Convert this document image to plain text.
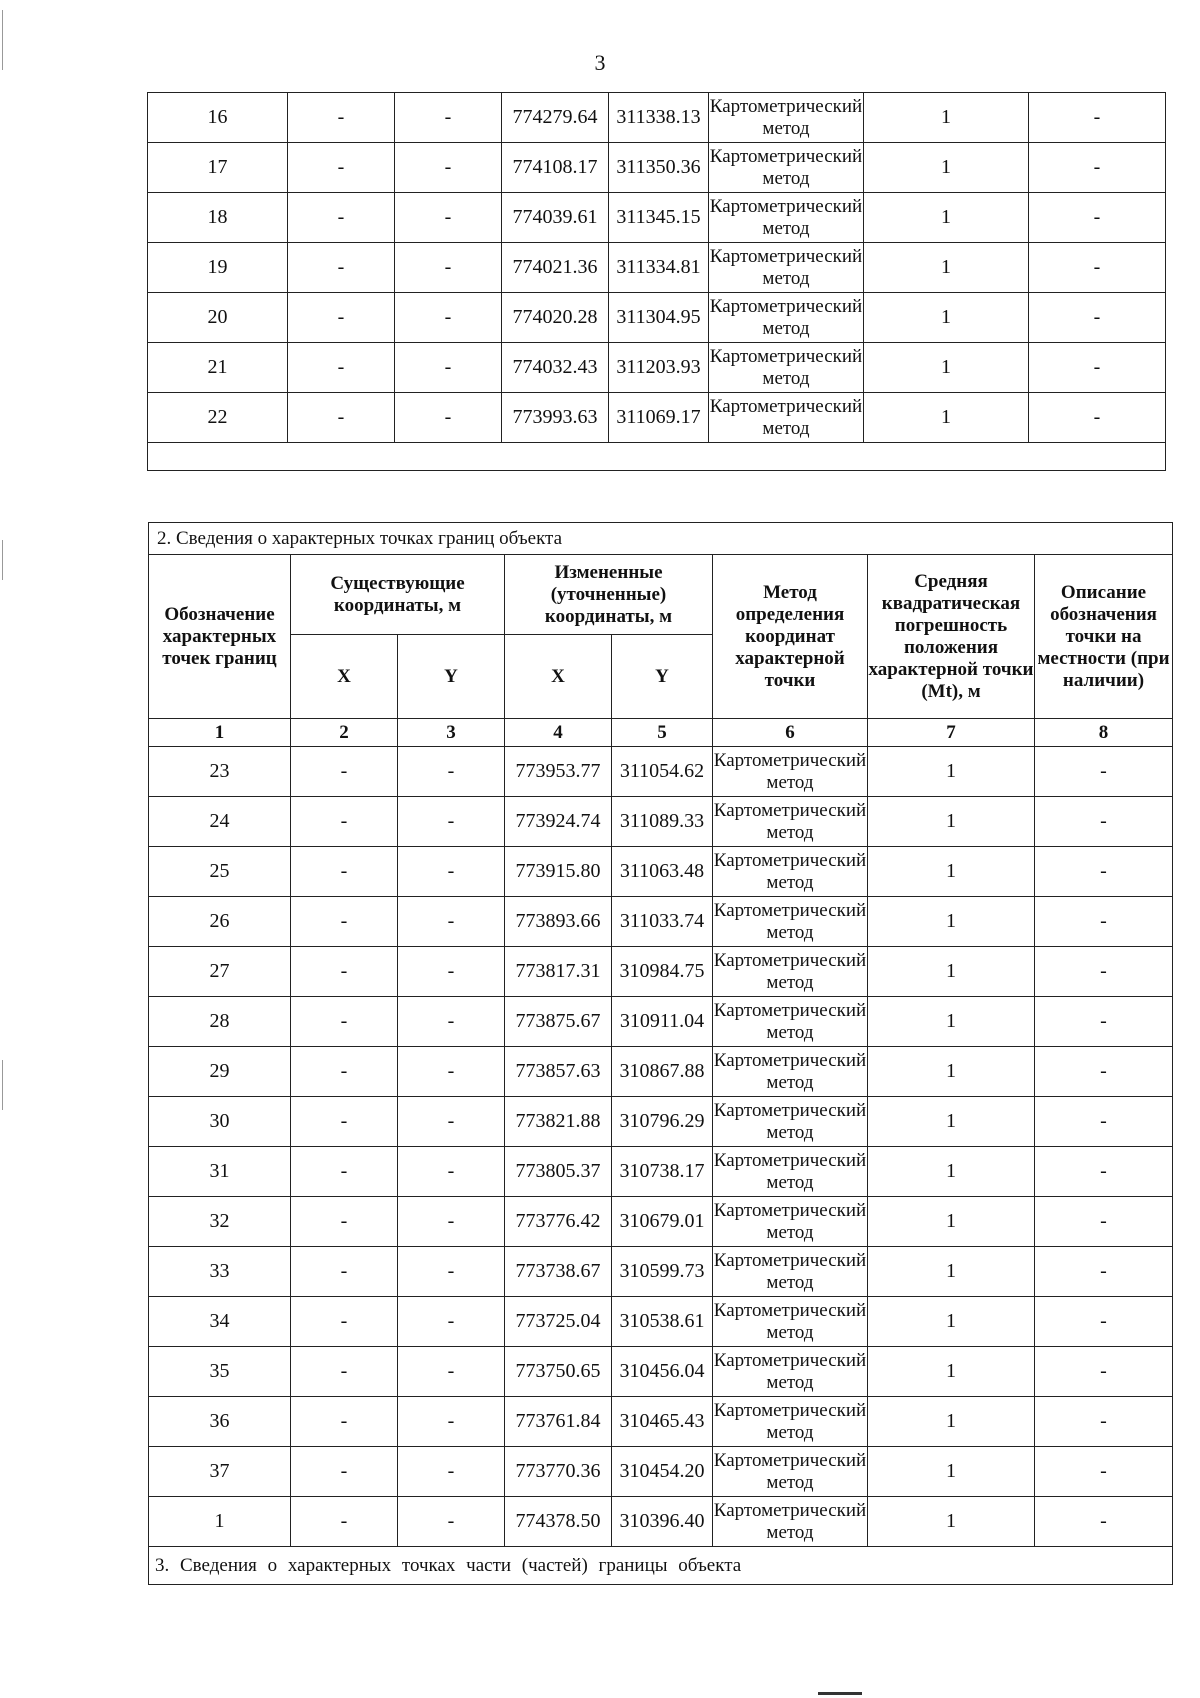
3
16	-	-	774279.64	311338.13	Картометрический метод	1	-
17	-	-	774108.17	311350.36	Картометрический метод	1	-
18	-	-	774039.61	311345.15	Картометрический метод	1	-
19	-	-	774021.36	311334.81	Картометрический метод	1	-
20	-	-	774020.28	311304.95	Картометрический метод	1	-
21	-	-	774032.43	311203.93	Картометрический метод	1	-
22	-	-	773993.63	311069.17	Картометрический метод	1	-

2. Сведения о характерных точках границ объекта							
Обозначение характерных точек границ	Существующие координаты, м		Измененные (уточненные) координаты, м		Метод определения координат характерной точки	Средняя квадратическая погрешность положения характерной точки (Mt), м	Описание обозначения точки на местности (при наличии)
	X	Y	X	Y			
1	2	3	4	5	6	7	8
23	-	-	773953.77	311054.62	Картометрический метод	1	-
24	-	-	773924.74	311089.33	Картометрический метод	1	-
25	-	-	773915.80	311063.48	Картометрический метод	1	-
26	-	-	773893.66	311033.74	Картометрический метод	1	-
27	-	-	773817.31	310984.75	Картометрический метод	1	-
28	-	-	773875.67	310911.04	Картометрический метод	1	-
29	-	-	773857.63	310867.88	Картометрический метод	1	-
30	-	-	773821.88	310796.29	Картометрический метод	1	-
31	-	-	773805.37	310738.17	Картометрический метод	1	-
32	-	-	773776.42	310679.01	Картометрический метод	1	-
33	-	-	773738.67	310599.73	Картометрический метод	1	-
34	-	-	773725.04	310538.61	Картометрический метод	1	-
35	-	-	773750.65	310456.04	Картометрический метод	1	-
36	-	-	773761.84	310465.43	Картометрический метод	1	-
37	-	-	773770.36	310454.20	Картометрический метод	1	-
1	-	-	774378.50	310396.40	Картометрический метод	1	-
3. Сведения о характерных точках части (частей) границы объекта							
